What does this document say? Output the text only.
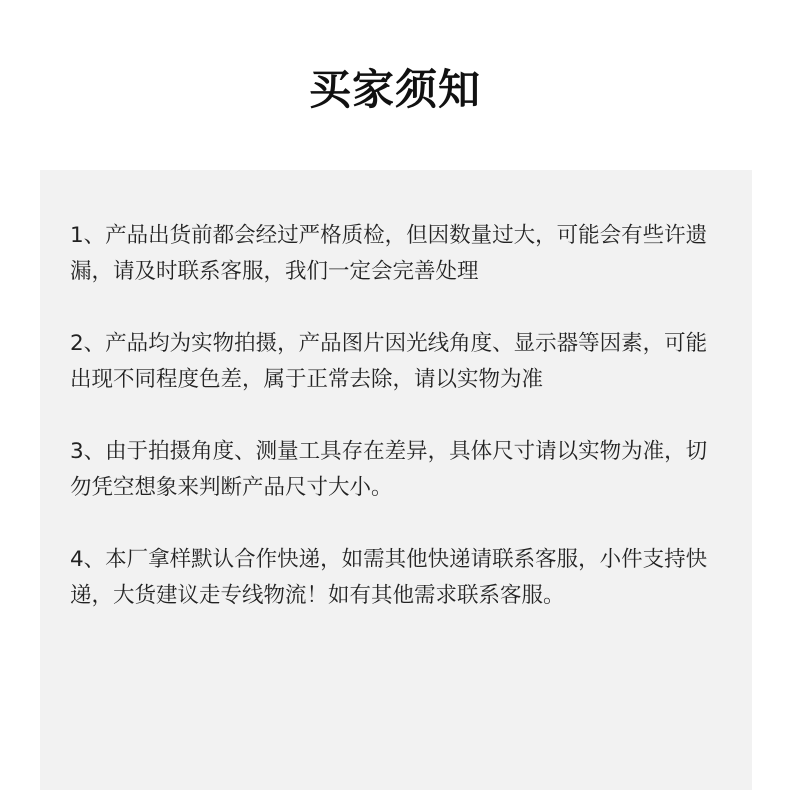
买家须知

1、产品出货前都会经过严格质检，但因数量过大，可能会有些许遗漏，请及时联系客服，我们一定会完善处理

2、产品均为实物拍摄，产品图片因光线角度、显示器等因素，可能出现不同程度色差，属于正常去除，请以实物为准

3、由于拍摄角度、测量工具存在差异，具体尺寸请以实物为准，切勿凭空想象来判断产品尺寸大小。

4、本厂拿样默认合作快递，如需其他快递请联系客服，小件支持快递，大货建议走专线物流！如有其他需求联系客服。
